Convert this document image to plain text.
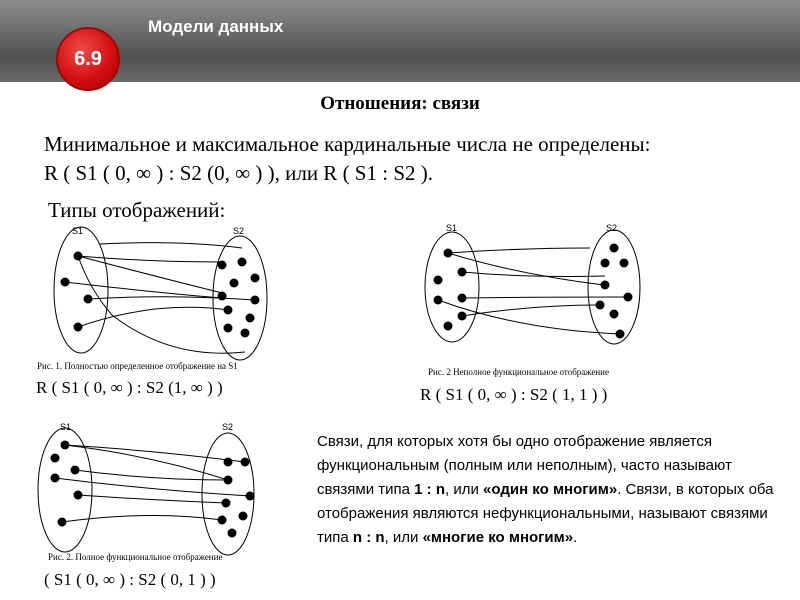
Модели данных
6.9
Отношения: связи
Минимальное и максимальное кардинальные числа не определены:
R ( S1 ( 0, ∞ ) : S2 (0, ∞ ) ), или R ( S1 : S2 ).
Типы отображений:
S1	S2	S1	S2
S1	S2
Рис. 1. Полностью определенное отображение на S1
R ( S1 ( 0, ∞ ) : S2 (1, ∞ ) )
Рис. 2 Неполное функциональное отображение
R ( S1 ( 0, ∞ ) : S2 ( 1, 1 ) )
Рис. 2. Полное функциональное отображение
( S1 ( 0, ∞ ) : S2 ( 0, 1 ) )
Связи, для которых хотя бы одно отображение является функциональным (полным или неполным), часто называют связями типа 1 : n, или «один ко многим». Связи, в которых оба отображения являются нефункциональными, называют связями типа n : n, или «многие ко многим».
